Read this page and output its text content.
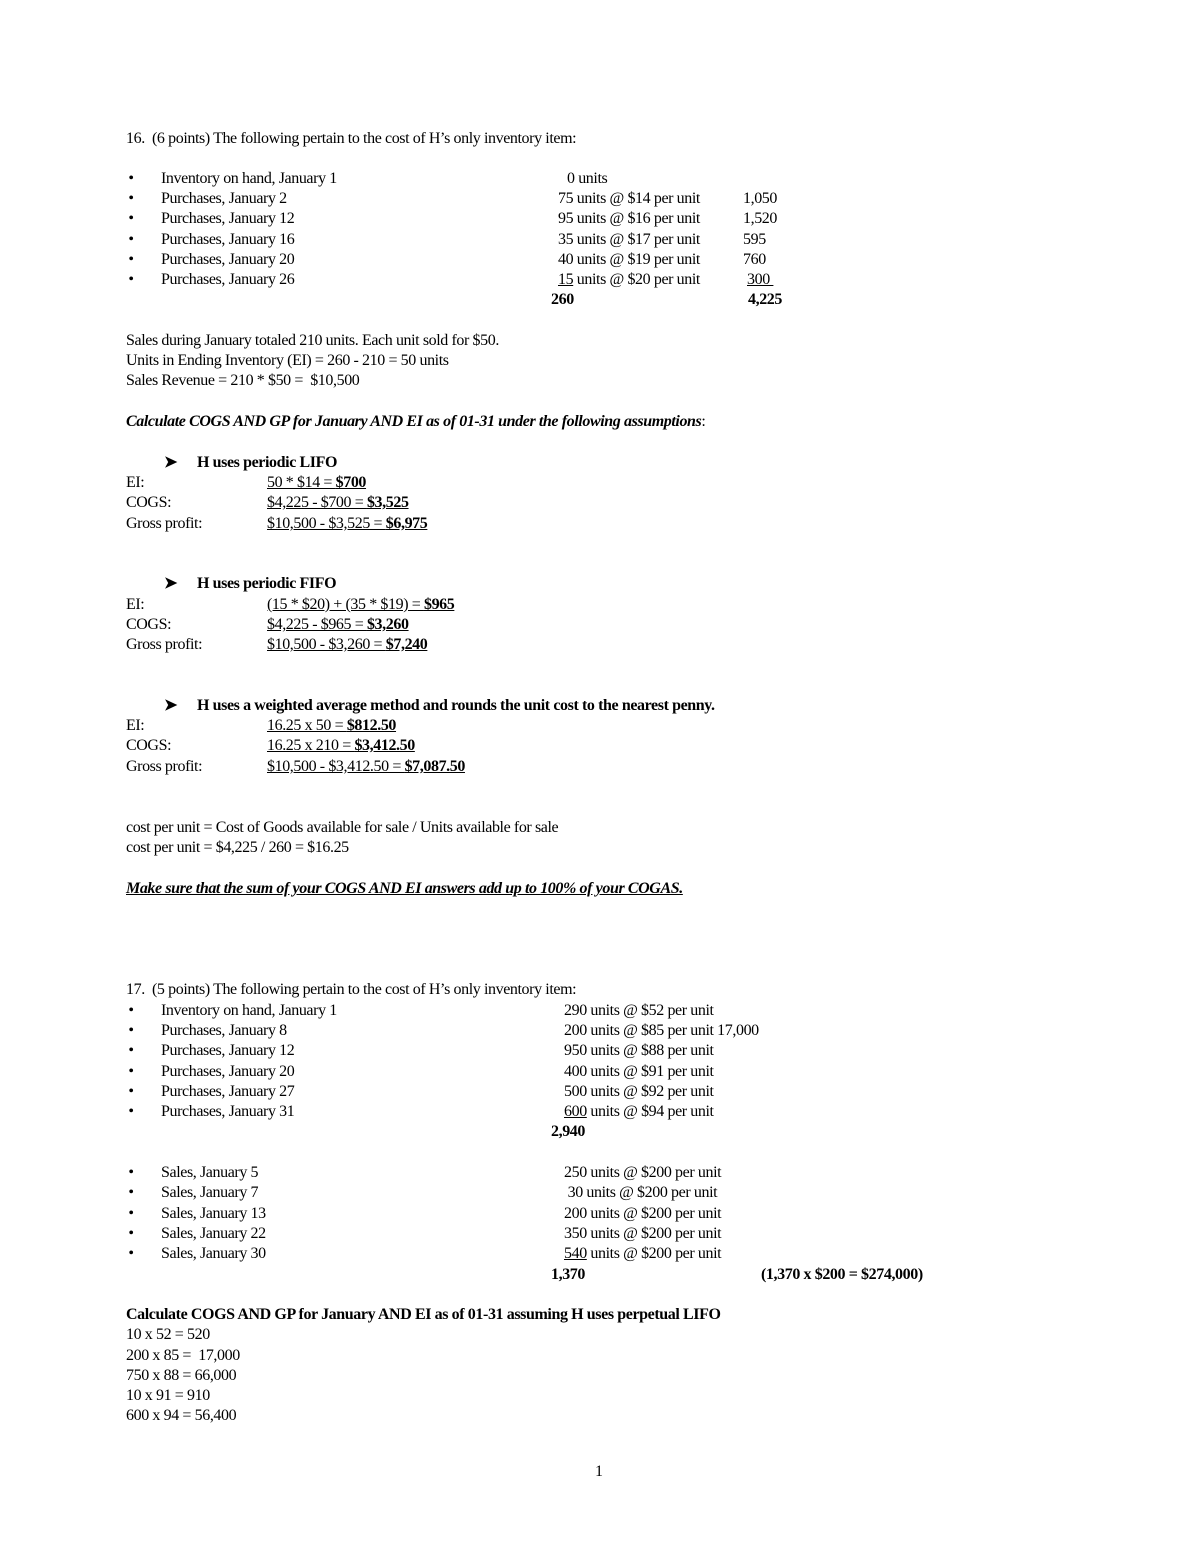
16.  (6 points) The following pertain to the cost of H’s only inventory item:
• Inventory on hand, January 1	0 units
• Purchases, January 2	75 units @ $14 per unit	1,050
• Purchases, January 12	95 units @ $16 per unit	1,520
• Purchases, January 16	35 units @ $17 per unit	595
• Purchases, January 20	40 units @ $19 per unit	760
• Purchases, January 26	15 units @ $20 per unit	300
260	4,225
Sales during January totaled 210 units. Each unit sold for $50.
Units in Ending Inventory (EI) = 260 - 210 = 50 units
Sales Revenue = 210 * $50 =  $10,500
Calculate COGS AND GP for January AND EI as of 01-31 under the following assumptions:
➤ H uses periodic LIFO
EI:	50 * $14 = $700
COGS:	$4,225 - $700 = $3,525
Gross profit:	$10,500 - $3,525 = $6,975
➤ H uses periodic FIFO
EI:	(15 * $20) + (35 * $19) = $965
COGS:	$4,225 - $965 = $3,260
Gross profit:	$10,500 - $3,260 = $7,240
➤ H uses a weighted average method and rounds the unit cost to the nearest penny.
EI:	16.25 x 50 = $812.50
COGS:	16.25 x 210 = $3,412.50
Gross profit:	$10,500 - $3,412.50 = $7,087.50
cost per unit = Cost of Goods available for sale / Units available for sale
cost per unit = $4,225 / 260 = $16.25
Make sure that the sum of your COGS AND EI answers add up to 100% of your COGAS.
17.  (5 points) The following pertain to the cost of H’s only inventory item:
• Inventory on hand, January 1	290 units @ $52 per unit
• Purchases, January 8	200 units @ $85 per unit 17,000
• Purchases, January 12	950 units @ $88 per unit
• Purchases, January 20	400 units @ $91 per unit
• Purchases, January 27	500 units @ $92 per unit
• Purchases, January 31	600 units @ $94 per unit
2,940
• Sales, January 5	250 units @ $200 per unit
• Sales, January 7	30 units @ $200 per unit
• Sales, January 13	200 units @ $200 per unit
• Sales, January 22	350 units @ $200 per unit
• Sales, January 30	540 units @ $200 per unit
1,370	(1,370 x $200 = $274,000)
Calculate COGS AND GP for January AND EI as of 01-31 assuming H uses perpetual LIFO
10 x 52 = 520
200 x 85 =  17,000
750 x 88 = 66,000
10 x 91 = 910
600 x 94 = 56,400
1
